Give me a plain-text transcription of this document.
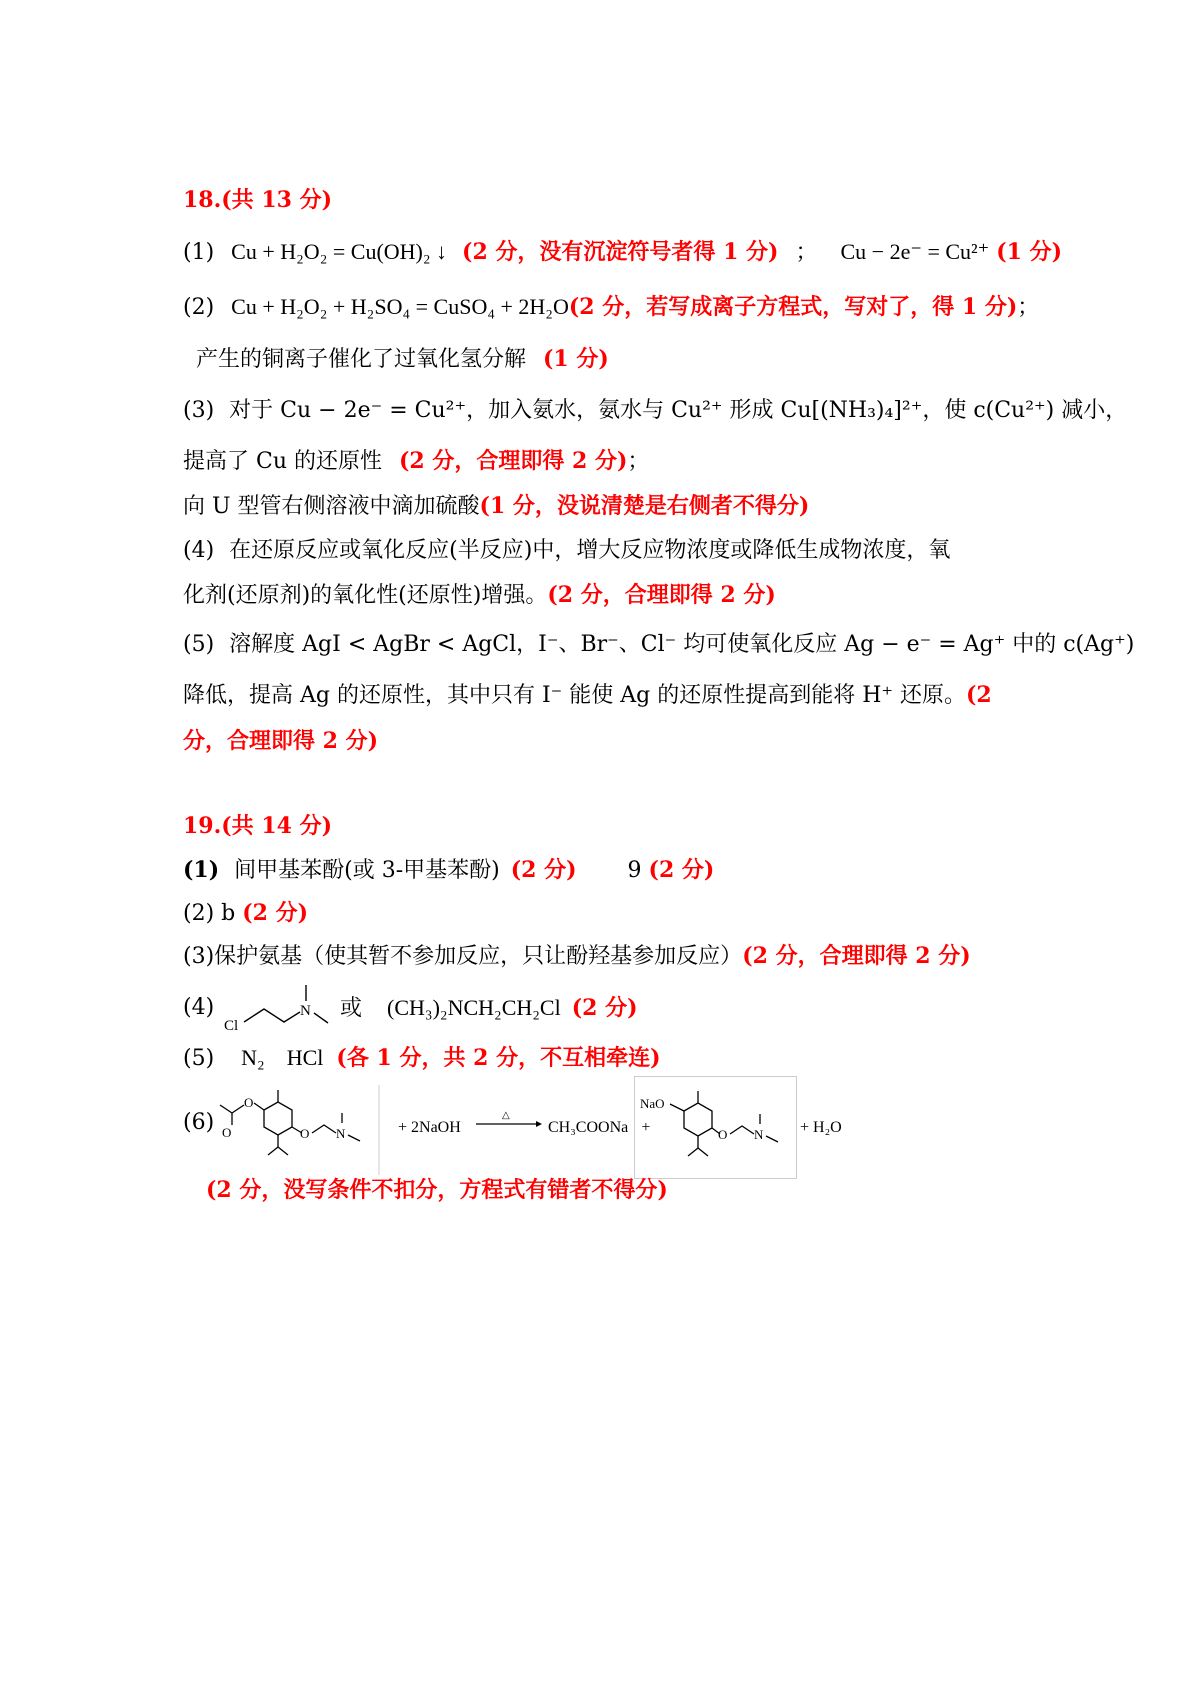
18.(共 13 分)
(1) Cu + H₂O₂ = Cu(OH)₂ ↓ (2 分，没有沉淀符号者得 1 分) ； Cu − 2e⁻ = Cu²⁺ (1 分)
(2) Cu + H₂O₂ + H₂SO₄ = CuSO₄ + 2H₂O(2 分，若写成离子方程式，写对了，得 1 分)；
产生的铜离子催化了过氧化氢分解 (1 分)
(3) 对于 Cu − 2e⁻ = Cu²⁺，加入氨水，氨水与 Cu²⁺ 形成 Cu[(NH₃)₄]²⁺，使 c(Cu²⁺) 减小，
提高了 Cu 的还原性 (2 分，合理即得 2 分)；
向 U 型管右侧溶液中滴加硫酸(1 分，没说清楚是右侧者不得分)
(4) 在还原反应或氧化反应(半反应)中，增大反应物浓度或降低生成物浓度，氧
化剂(还原剂)的氧化性(还原性)增强。(2 分，合理即得 2 分)
(5) 溶解度 AgI < AgBr < AgCl，I⁻、Br⁻、Cl⁻ 均可使氧化反应 Ag − e⁻ = Ag⁺ 中的 c(Ag⁺)
降低，提高 Ag 的还原性，其中只有 I⁻ 能使 Ag 的还原性提高到能将 H⁺ 还原。(2
分，合理即得 2 分)
19.(共 14 分)
(1) 间甲基苯酚(或 3-甲基苯酚) (2 分) 9 (2 分)
(2) b (2 分)
(3)保护氨基（使其暂不参加反应，只让酚羟基参加反应）(2 分，合理即得 2 分)
(4)
Cl
N 或 (CH₃)₂NCH₂CH₂Cl (2 分)
(5) N₂　HCl (各 1 分，共 2 分，不互相牵连)
(6) O
O
O N	+ 2NaOH
△
CH₃COONa +
NaO
O N + H₂O
(2 分，没写条件不扣分，方程式有错者不得分)
